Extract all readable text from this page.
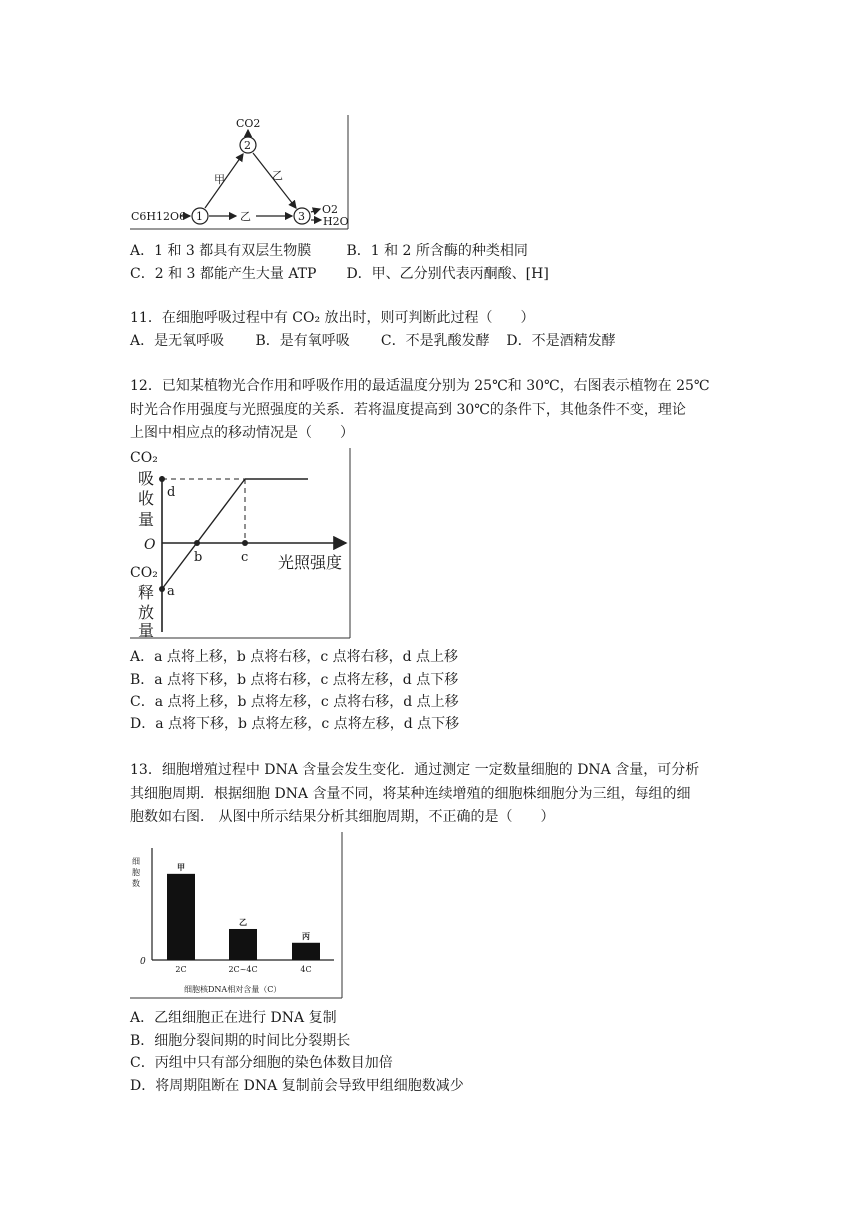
CO2
2
1	3
C6H12O6	乙
甲	乙
O2
H2O
A．1 和 3 都具有双层生物膜	B．1 和 2 所含酶的种类相同
C．2 和 3 都能产生大量 ATP D．甲、乙分别代表丙酮酸、[H]
11．在细胞呼吸过程中有 CO₂ 放出时，则可判断此过程（　　）
A．是无氧呼吸 B．是有氧呼吸 C．不是乳酸发酵 D．不是酒精发酵
12．已知某植物光合作用和呼吸作用的最适温度分别为 25℃和 30℃，右图表示植物在 25℃
时光合作用强度与光照强度的关系．若将温度提高到 30℃的条件下，其他条件不变，理论
上图中相应点的移动情况是（　　）
CO₂
吸
收
量
O
CO₂
释
放
量
光照强度
a
b	c
d
A．a 点将上移，b 点将右移，c 点将右移，d 点上移
B．a 点将下移，b 点将右移，c 点将左移，d 点下移
C．a 点将上移，b 点将左移，c 点将右移，d 点上移
D．a 点将下移，b 点将左移，c 点将左移，d 点下移
13．细胞增殖过程中 DNA 含量会发生变化．通过测定 一定数量细胞的 DNA 含量，可分析
其细胞周期．根据细胞 DNA 含量不同，将某种连续增殖的细胞株细胞分为三组，每组的细
胞数如右图． 从图中所示结果分析其细胞周期，不正确的是（　　）
细胞数
0
细胞核DNA相对含量（C）
甲
2C
乙
2C~4C
丙
4C
A．乙组细胞正在进行 DNA 复制
B．细胞分裂间期的时间比分裂期长
C．丙组中只有部分细胞的染色体数目加倍
D．将周期阻断在 DNA 复制前会导致甲组细胞数减少
